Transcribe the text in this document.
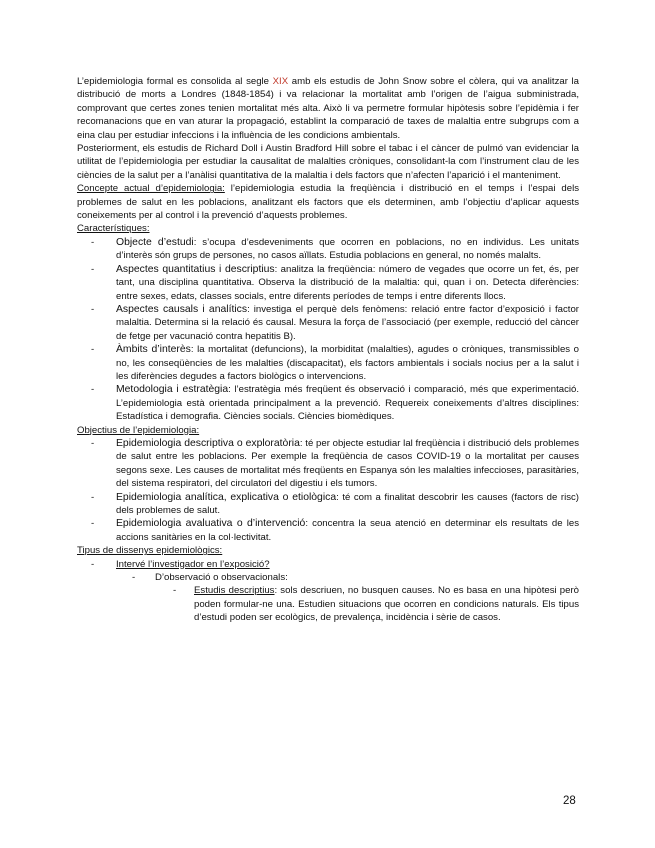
L’epidemiologia formal es consolida al segle XIX amb els estudis de John Snow sobre el còlera, qui va analitzar la distribució de morts a Londres (1848-1854) i va relacionar la mortalitat amb l’origen de l’aigua subministrada, comprovant que certes zones tenien mortalitat més alta. Això li va permetre formular hipòtesis sobre l’epidèmia i fer recomanacions que en van aturar la propagació, establint la comparació de taxes de malaltia entre subgrups com a eina clau per estudiar infeccions i la influència de les condicions ambientals.

Posteriorment, els estudis de Richard Doll i Austin Bradford Hill sobre el tabac i el càncer de pulmó van evidenciar la utilitat de l’epidemiologia per estudiar la causalitat de malalties cròniques, consolidant-la com l’instrument clau de les ciències de la salut per a l’anàlisi quantitativa de la malaltia i dels factors que n’afecten l’aparició i el manteniment.

Concepte actual d’epidemiologia: l’epidemiologia estudia la freqüència i distribució en el temps i l’espai dels problemes de salut en les poblacions, analitzant els factors que els determinen, amb l’objectiu d’aplicar aquests coneixements per al control i la prevenció d’aquests problemes.

Característiques:

- Objecte d’estudi: s’ocupa d’esdeveniments que ocorren en poblacions, no en individus. Les unitats d’interès són grups de persones, no casos aïllats. Estudia poblacions en general, no només malalts.
- Aspectes quantitatius i descriptius: analitza la freqüència: número de vegades que ocorre un fet, és, per tant, una disciplina quantitativa. Observa la distribució de la malaltia: qui, quan i on. Detecta diferències: entre sexes, edats, classes socials, entre diferents períodes de temps i entre diferents llocs.
- Aspectes causals i analítics: investiga el perquè dels fenòmens: relació entre factor d’exposició i factor malaltia. Determina si la relació és causal. Mesura la força de l’associació (per exemple, reducció del càncer de fetge per vacunació contra hepatitis B).
- Àmbits d’interès: la mortalitat (defuncions), la morbiditat (malalties), agudes o cròniques, transmissibles o no, les conseqüències de les malalties (discapacitat), els factors ambientals i socials nocius per a la salut i les diferències degudes a factors biològics o intervencions.
- Metodologia i estratègia: l’estratègia més freqüent és observació i comparació, més que experimentació. L’epidemiologia està orientada principalment a la prevenció. Requereix coneixements d’altres disciplines: Estadística i demografia. Ciències socials. Ciències biomèdiques.

Objectius de l’epidemiologia:

- Epidemiologia descriptiva o exploratòria: té per objecte estudiar lal freqüència i distribució dels problemes de salut entre les poblacions. Per exemple la freqüència de casos COVID-19 o la mortalitat per causes segons sexe. Les causes de mortalitat més freqüents en Espanya són les malalties infeccioses, parasitàries, del sistema respiratori, del circulatori del digestiu i els tumors.
- Epidemiologia analítica, explicativa o etiològica: té com a finalitat descobrir les causes (factors de risc) dels problemes de salut.
- Epidemiologia avaluativa o d’intervenció: concentra la seua atenció en determinar els resultats de les accions sanitàries en la col·lectivitat.

Tipus de dissenys epidemiològics:

- Intervé l’investigador en l’exposició?
- D’observació o observacionals:
- Estudis descriptius: sols descriuen, no busquen causes. No es basa en una hipòtesi però poden formular-ne una. Estudien situacions que ocorren en condicions naturals. Els tipus d’estudi poden ser ecològics, de prevalença, incidència i sèrie de casos.
28
